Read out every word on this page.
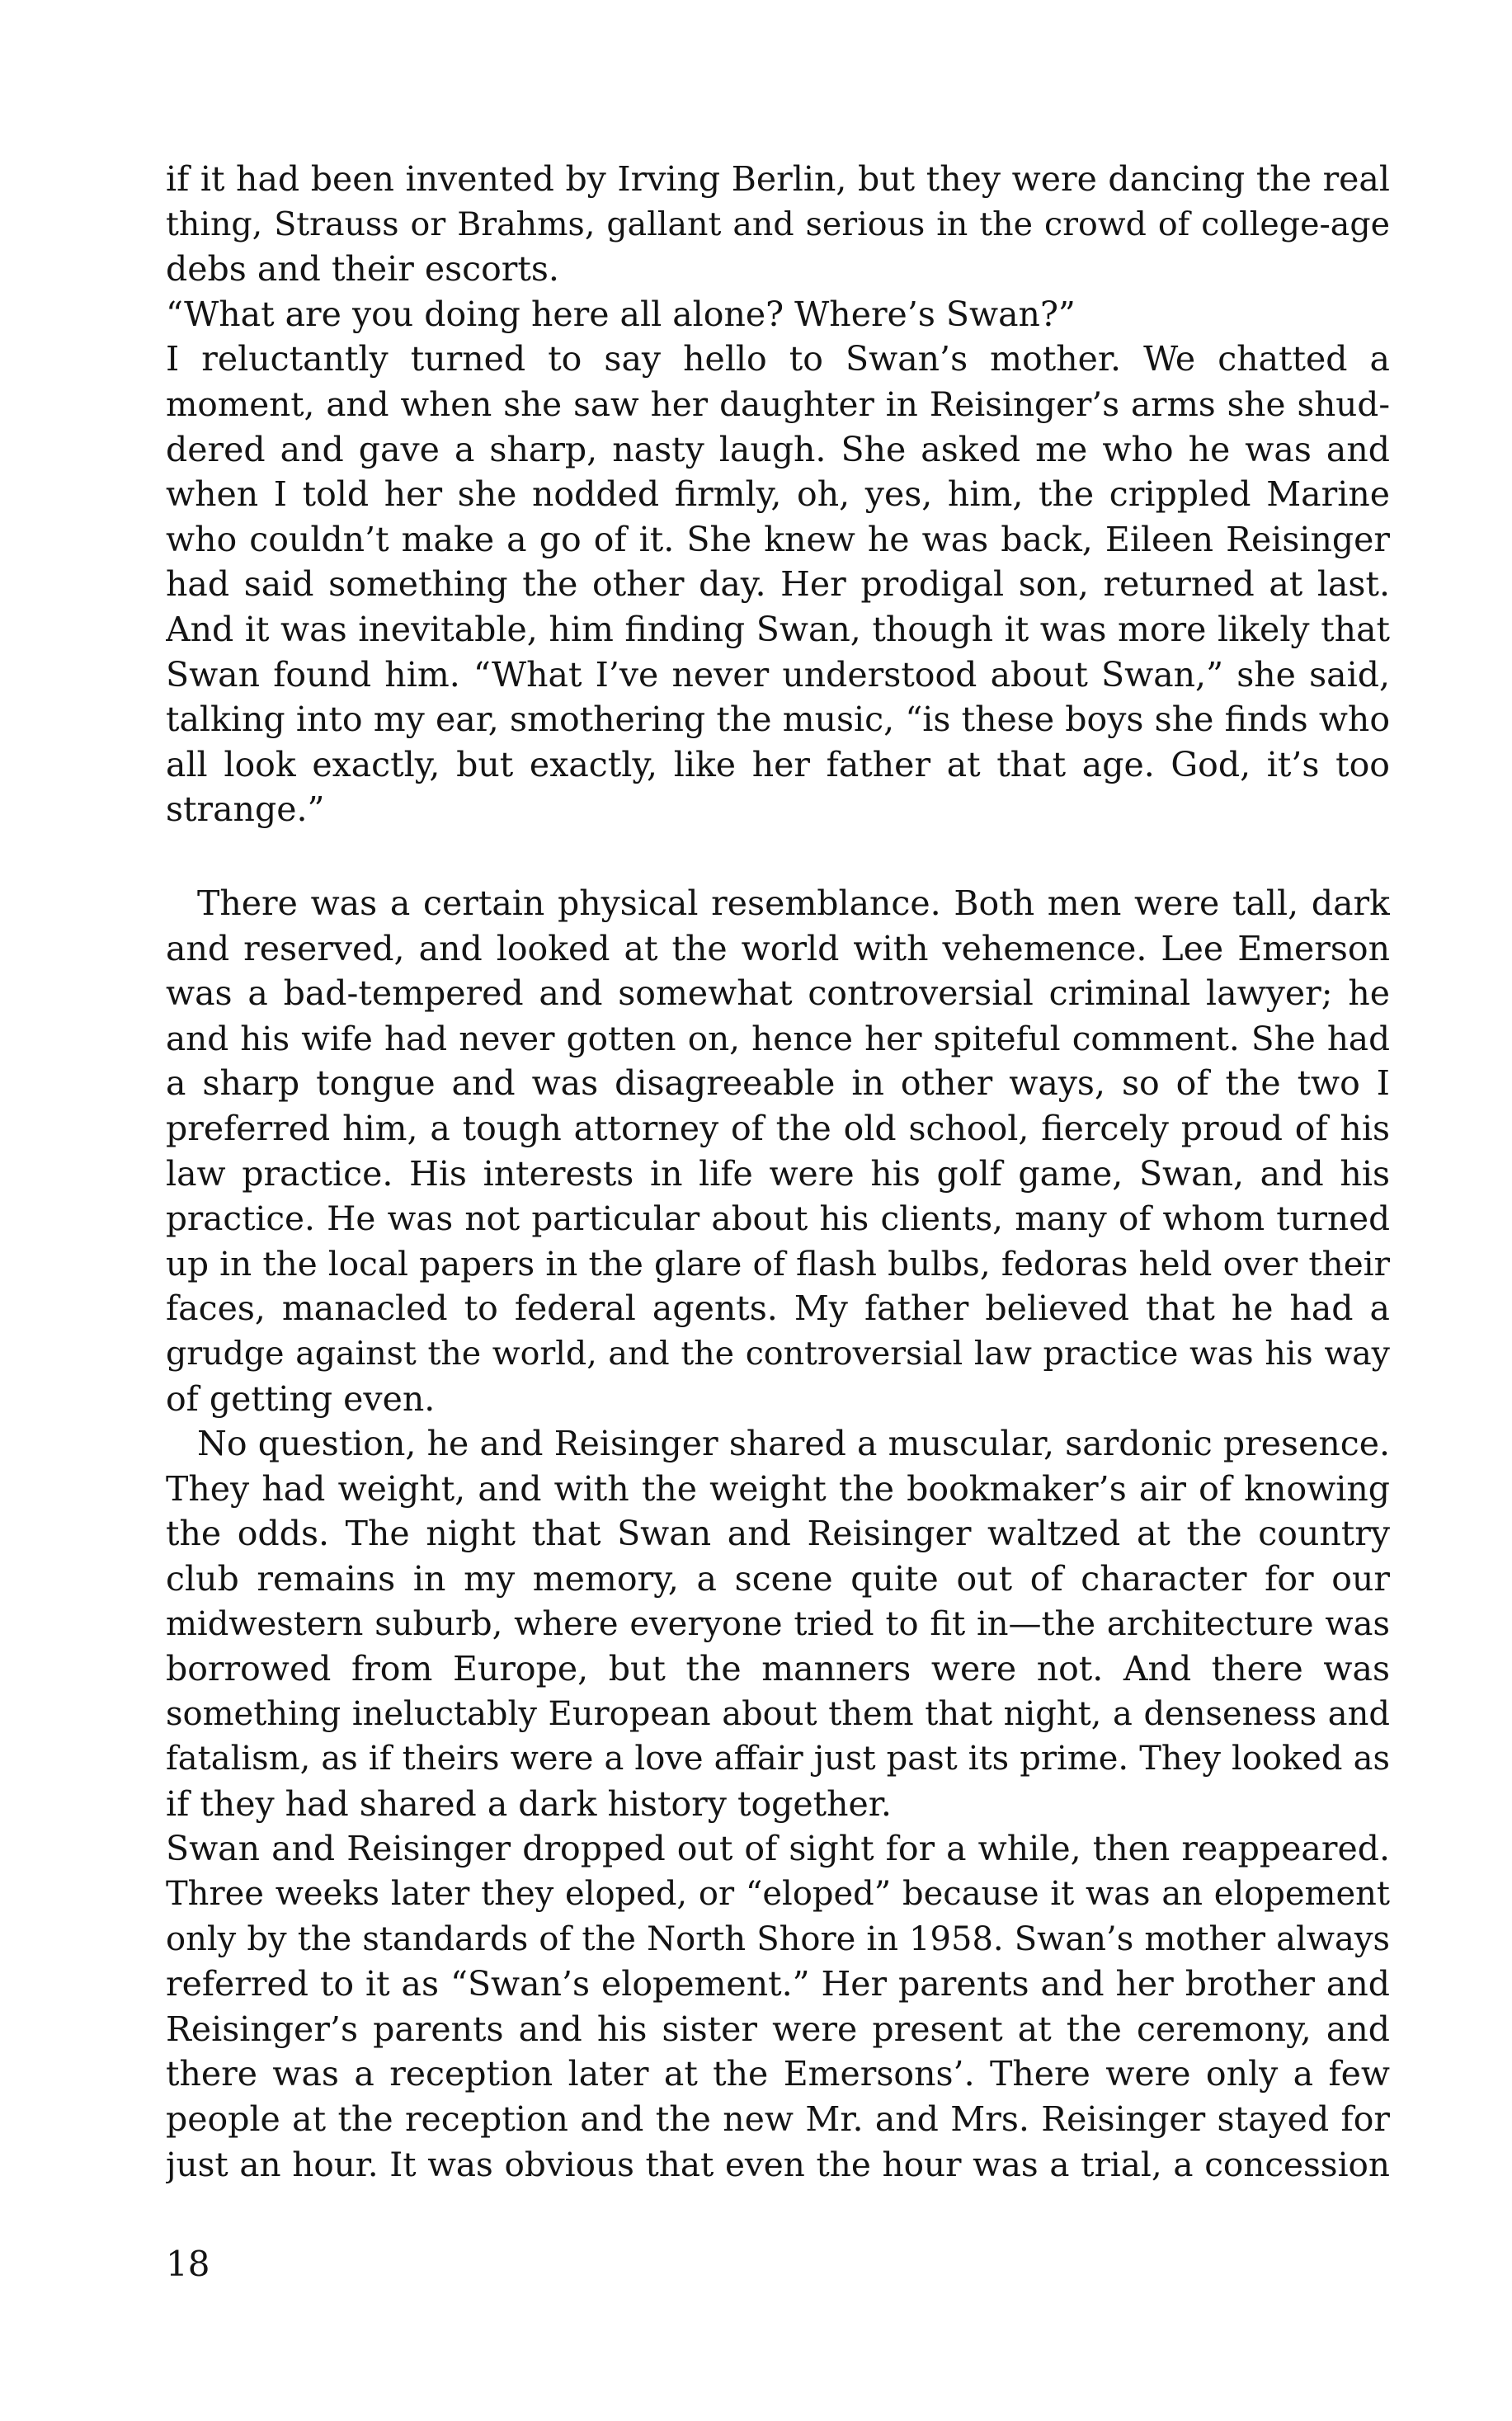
if it had been invented by Irving Berlin, but they were dancing the real
thing, Strauss or Brahms, gallant and serious in the crowd of college-age
debs and their escorts.
“What are you doing here all alone? Where’s Swan?”
I reluctantly turned to say hello to Swan’s mother. We chatted a
moment, and when she saw her daughter in Reisinger’s arms she shud-
dered and gave a sharp, nasty laugh. She asked me who he was and
when I told her she nodded firmly, oh, yes, him, the crippled Marine
who couldn’t make a go of it. She knew he was back, Eileen Reisinger
had said something the other day. Her prodigal son, returned at last.
And it was inevitable, him finding Swan, though it was more likely that
Swan found him. “What I’ve never understood about Swan,” she said,
talking into my ear, smothering the music, “is these boys she finds who
all look exactly, but exactly, like her father at that age. God, it’s too
strange.”
There was a certain physical resemblance. Both men were tall, dark
and reserved, and looked at the world with vehemence. Lee Emerson
was a bad-tempered and somewhat controversial criminal lawyer; he
and his wife had never gotten on, hence her spiteful comment. She had
a sharp tongue and was disagreeable in other ways, so of the two I
preferred him, a tough attorney of the old school, fiercely proud of his
law practice. His interests in life were his golf game, Swan, and his
practice. He was not particular about his clients, many of whom turned
up in the local papers in the glare of flash bulbs, fedoras held over their
faces, manacled to federal agents. My father believed that he had a
grudge against the world, and the controversial law practice was his way
of getting even.
No question, he and Reisinger shared a muscular, sardonic presence.
They had weight, and with the weight the bookmaker’s air of knowing
the odds. The night that Swan and Reisinger waltzed at the country
club remains in my memory, a scene quite out of character for our
midwestern suburb, where everyone tried to fit in—the architecture was
borrowed from Europe, but the manners were not. And there was
something ineluctably European about them that night, a denseness and
fatalism, as if theirs were a love affair just past its prime. They looked as
if they had shared a dark history together.
Swan and Reisinger dropped out of sight for a while, then reappeared.
Three weeks later they eloped, or “eloped” because it was an elopement
only by the standards of the North Shore in 1958. Swan’s mother always
referred to it as “Swan’s elopement.” Her parents and her brother and
Reisinger’s parents and his sister were present at the ceremony, and
there was a reception later at the Emersons’. There were only a few
people at the reception and the new Mr. and Mrs. Reisinger stayed for
just an hour. It was obvious that even the hour was a trial, a concession
18
